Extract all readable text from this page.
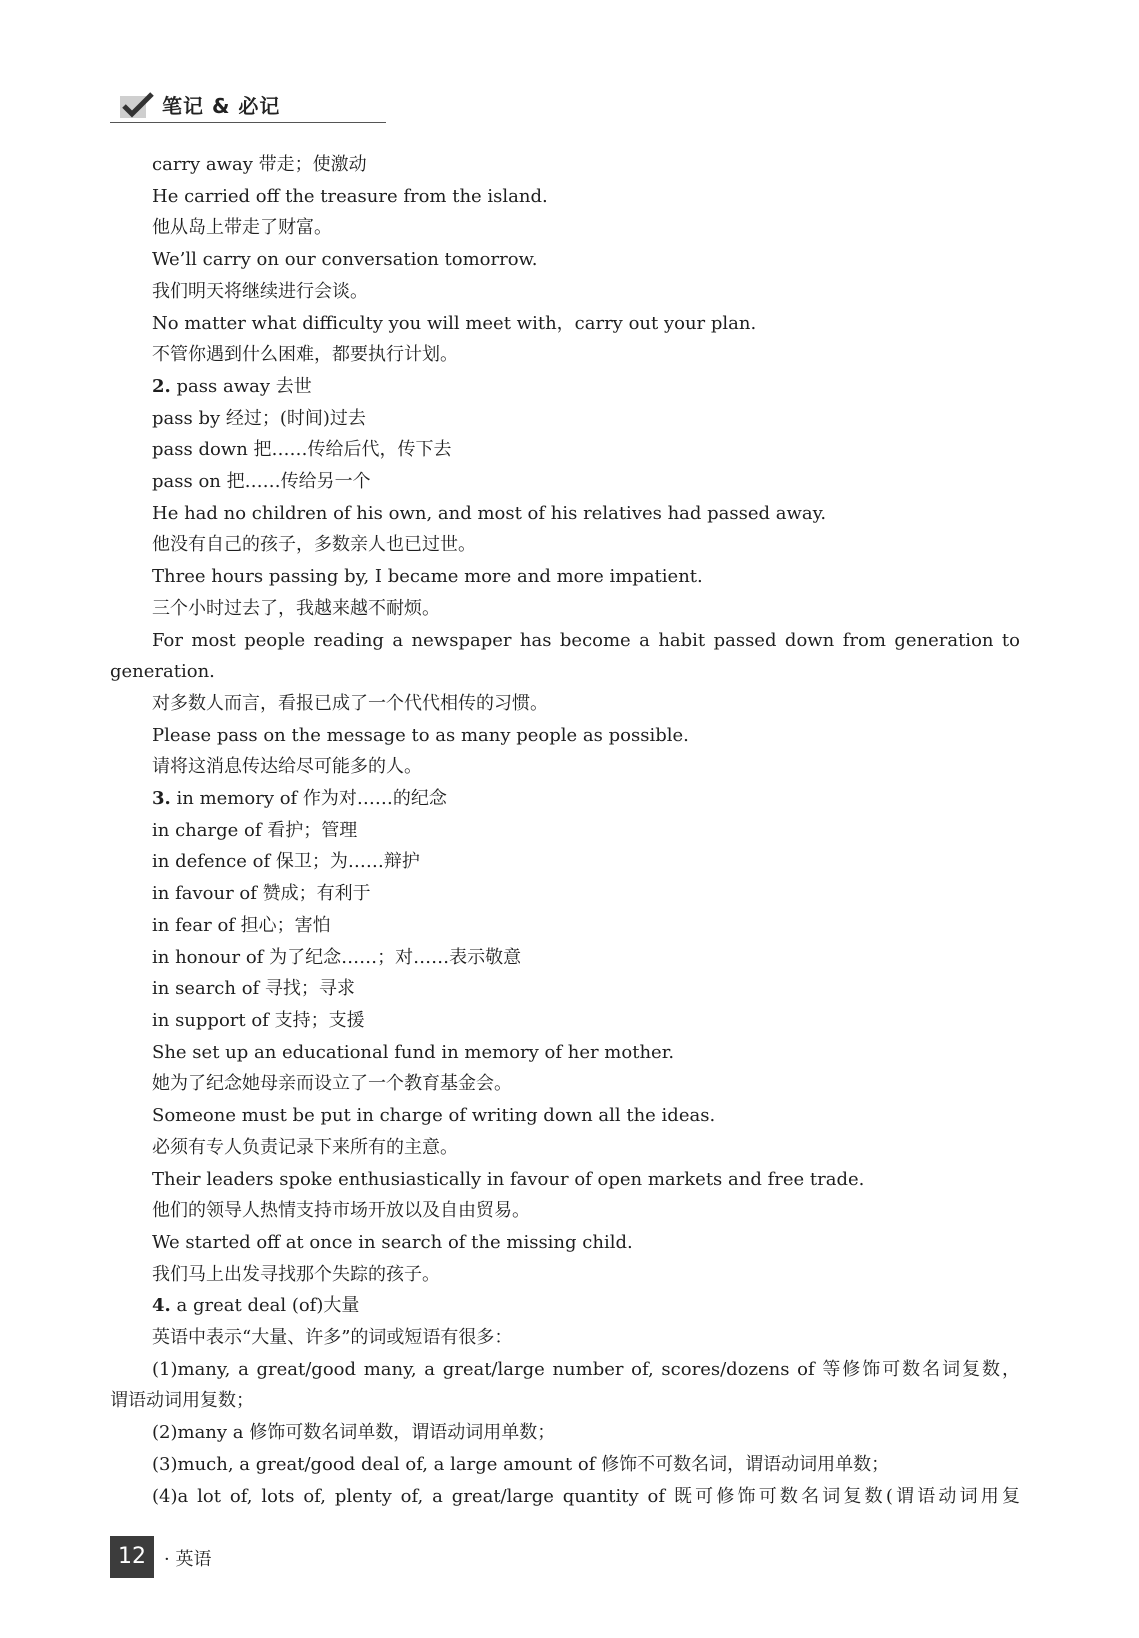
笔记 & 必记
carry away 带走；使激动
He carried off the treasure from the island.
他从岛上带走了财富。
We’ll carry on our conversation tomorrow.
我们明天将继续进行会谈。
No matter what difficulty you will meet with，carry out your plan.
不管你遇到什么困难，都要执行计划。
2. pass away 去世
pass by 经过；(时间)过去
pass down 把……传给后代，传下去
pass on 把……传给另一个
He had no children of his own, and most of his relatives had passed away.
他没有自己的孩子，多数亲人也已过世。
Three hours passing by, I became more and more impatient.
三个小时过去了，我越来越不耐烦。
For most people reading a newspaper has become a habit passed down from generation to
generation.
对多数人而言，看报已成了一个代代相传的习惯。
Please pass on the message to as many people as possible.
请将这消息传达给尽可能多的人。
3. in memory of 作为对……的纪念
in charge of 看护；管理
in defence of 保卫；为……辩护
in favour of 赞成；有利于
in fear of 担心；害怕
in honour of 为了纪念……；对……表示敬意
in search of 寻找；寻求
in support of 支持；支援
She set up an educational fund in memory of her mother.
她为了纪念她母亲而设立了一个教育基金会。
Someone must be put in charge of writing down all the ideas.
必须有专人负责记录下来所有的主意。
Their leaders spoke enthusiastically in favour of open markets and free trade.
他们的领导人热情支持市场开放以及自由贸易。
We started off at once in search of the missing child.
我们马上出发寻找那个失踪的孩子。
4. a great deal (of)大量
英语中表示“大量、许多”的词或短语有很多：
(1)many, a great/good many, a great/large number of, scores/dozens of 等修饰可数名词复数，
谓语动词用复数；
(2)many a 修饰可数名词单数，谓语动词用单数；
(3)much, a great/good deal of, a large amount of 修饰不可数名词，谓语动词用单数；
(4)a lot of, lots of, plenty of, a great/large quantity of 既可修饰可数名词复数(谓语动词用复
12	· 英语
